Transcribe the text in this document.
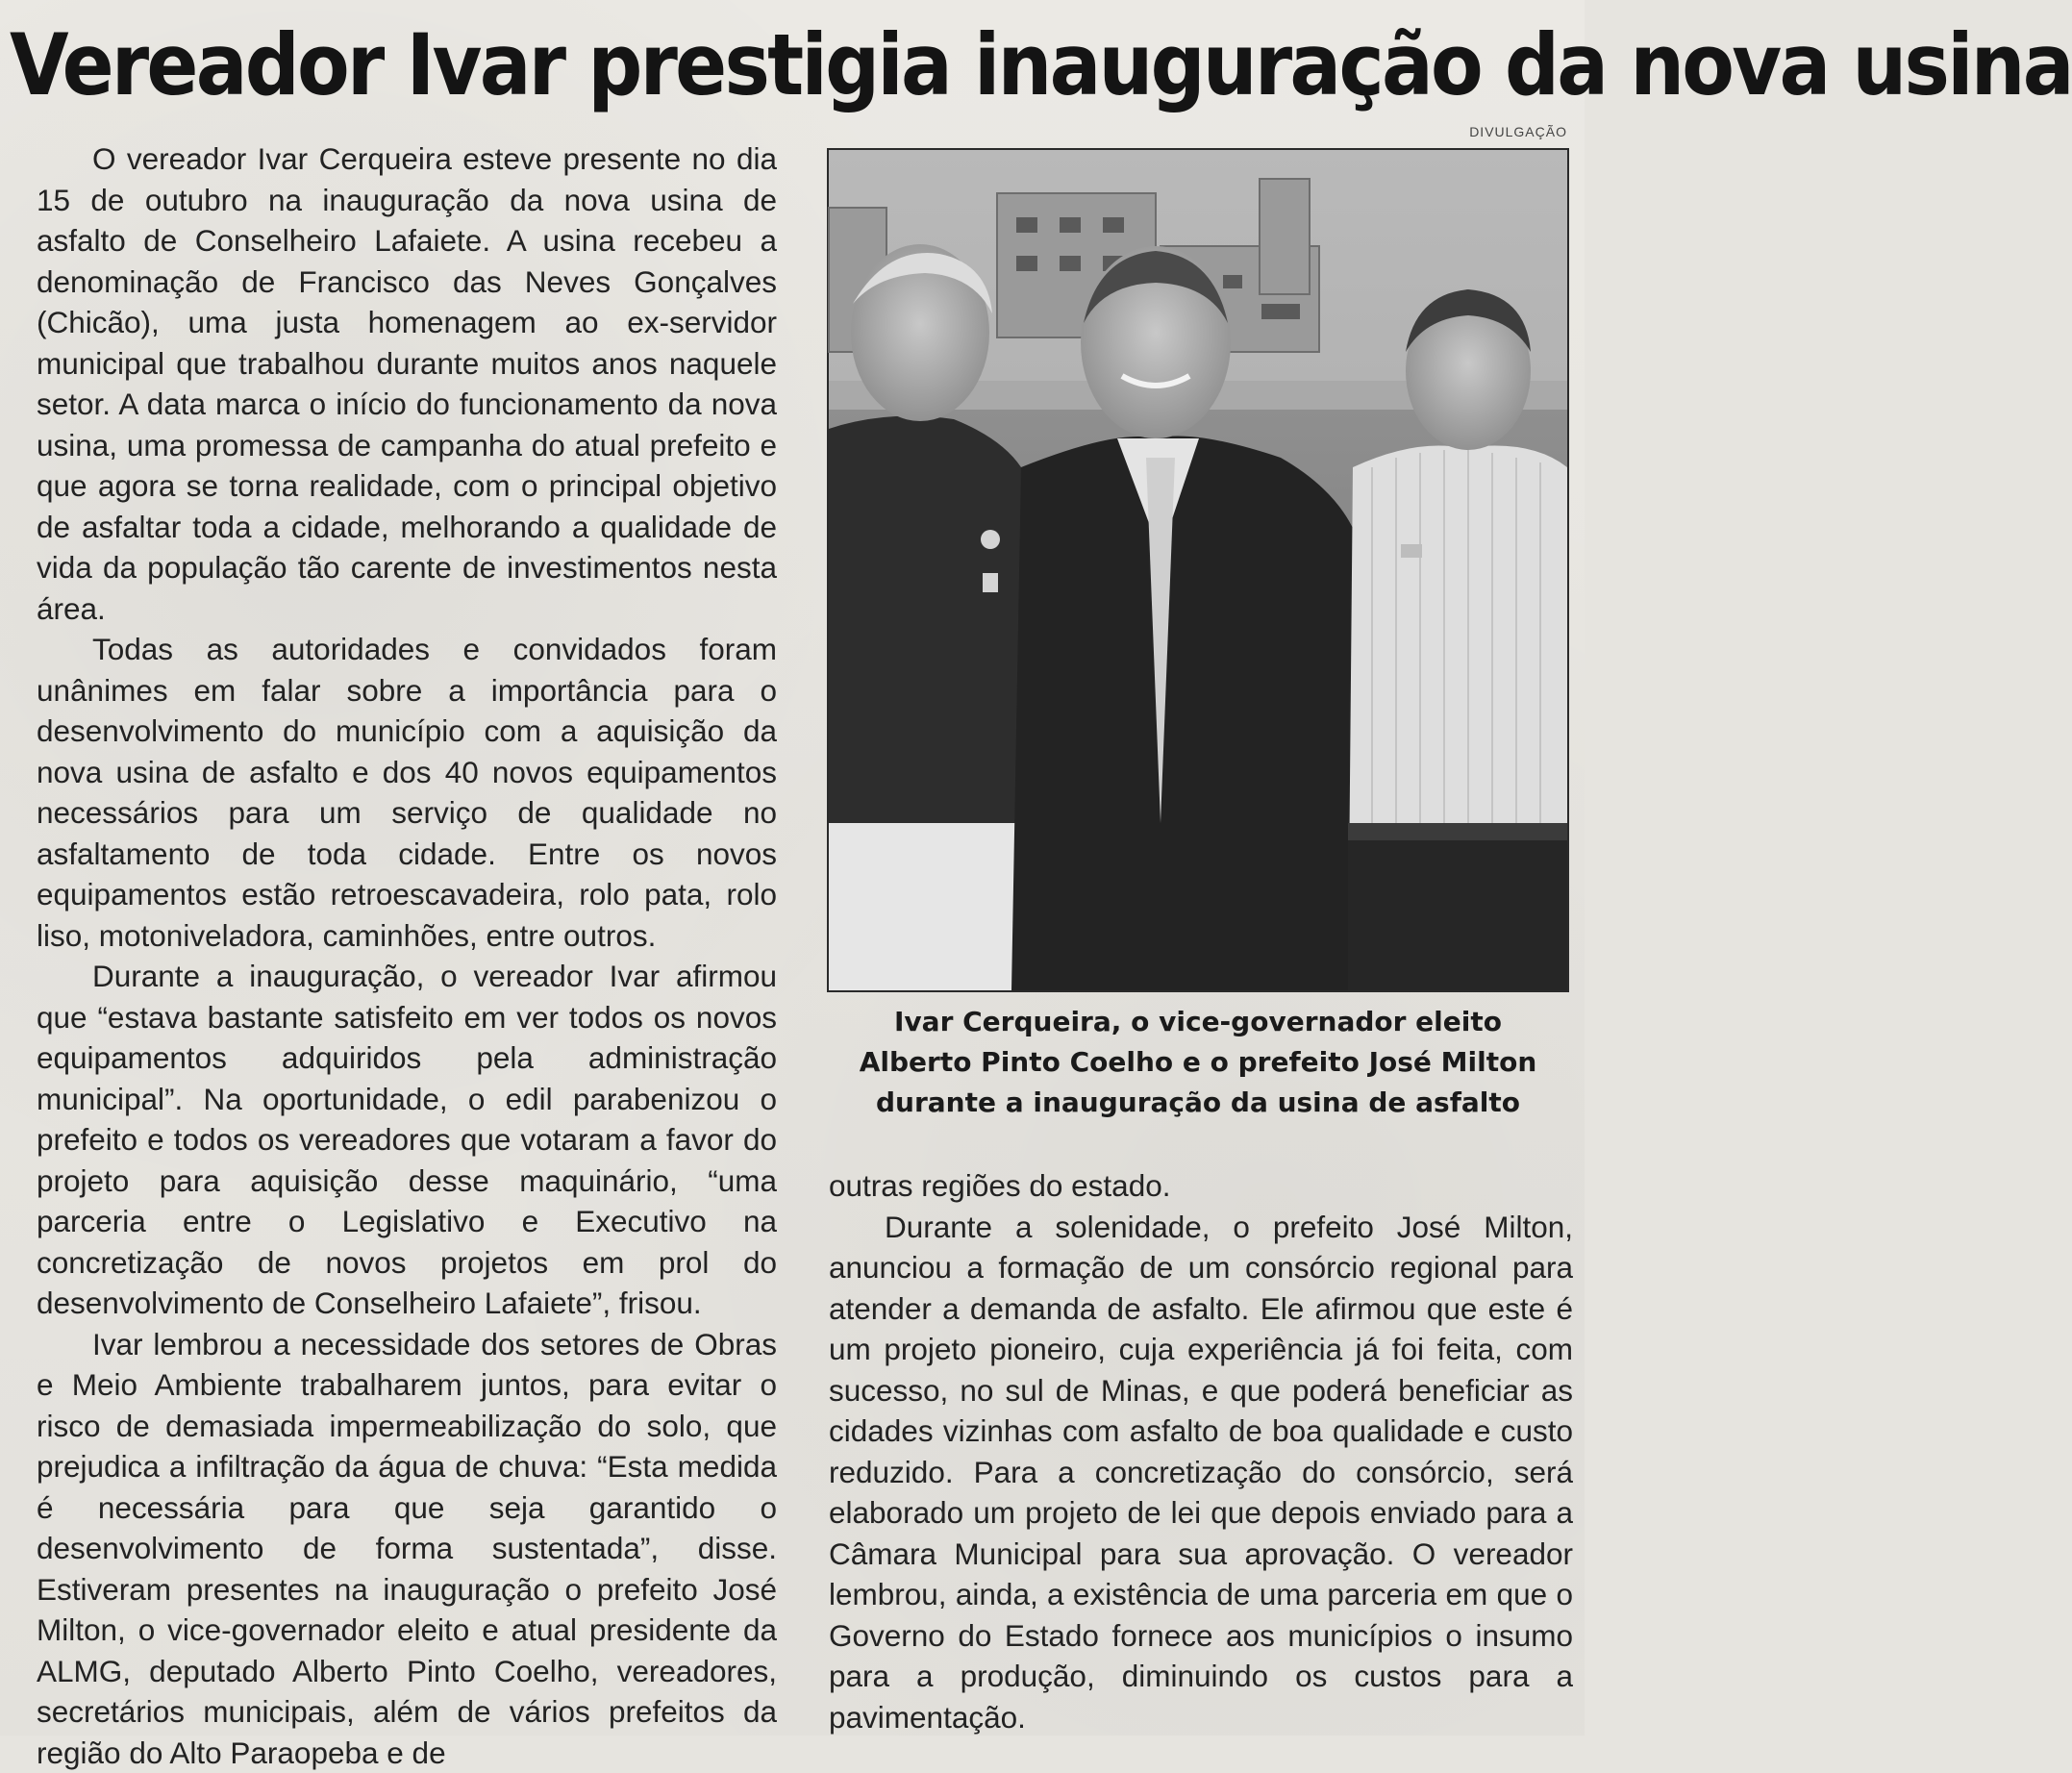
Vereador Ivar prestigia inauguração da nova usina

O vereador Ivar Cerqueira esteve presente no dia 15 de outubro na inauguração da nova usina de asfalto de Conselheiro Lafaiete. A usina recebeu a denominação de Francisco das Neves Gonçalves (Chicão), uma justa homenagem ao ex-servidor municipal que trabalhou durante muitos anos naquele setor. A data marca o início do funcionamento da nova usina, uma promessa de campanha do atual prefeito e que agora se torna realidade, com o principal objetivo de asfaltar toda a cidade, melhorando a qualidade de vida da população tão carente de investimentos nesta área.

Todas as autoridades e convidados foram unânimes em falar sobre a importância para o desenvolvimento do município com a aquisição da nova usina de asfalto e dos 40 novos equipamentos necessários para um serviço de qualidade no asfaltamento de toda cidade. Entre os novos equipamentos estão retroescavadeira, rolo pata, rolo liso, motoniveladora, caminhões, entre outros.

Durante a inauguração, o vereador Ivar afirmou que “estava bastante satisfeito em ver todos os novos equipamentos adquiridos pela administração municipal”. Na oportunidade, o edil parabenizou o prefeito e todos os vereadores que votaram a favor do projeto para aquisição desse maquinário, “uma parceria entre o Legislativo e Executivo na concretização de novos projetos em prol do desenvolvimento de Conselheiro Lafaiete”, frisou.

Ivar lembrou a necessidade dos setores de Obras e Meio Ambiente trabalharem juntos, para evitar o risco de demasiada impermeabilização do solo, que prejudica a infiltração da água de chuva: “Esta medida é necessária para que seja garantido o desenvolvimento de forma sustentada”, disse. Estiveram presentes na inauguração o prefeito José Milton, o vice-governador eleito e atual presidente da ALMG, deputado Alberto Pinto Coelho, vereadores, secretários municipais, além de vários prefeitos da região do Alto Paraopeba e de

DIVULGAÇÃO
Ivar Cerqueira, o vice-governador eleito
Alberto Pinto Coelho e o prefeito José Milton
durante a inauguração da usina de asfalto

outras regiões do estado.

Durante a solenidade, o prefeito José Milton, anunciou a formação de um consórcio regional para atender a demanda de asfalto. Ele afirmou que este é um projeto pioneiro, cuja experiência já foi feita, com sucesso, no sul de Minas, e que poderá beneficiar as cidades vizinhas com asfalto de boa qualidade e custo reduzido. Para a concretização do consórcio, será elaborado um projeto de lei que depois enviado para a Câmara Municipal para sua aprovação. O vereador lembrou, ainda, a existência de uma parceria em que o Governo do Estado fornece aos municípios o insumo para a produção, diminuindo os custos para a pavimentação.
